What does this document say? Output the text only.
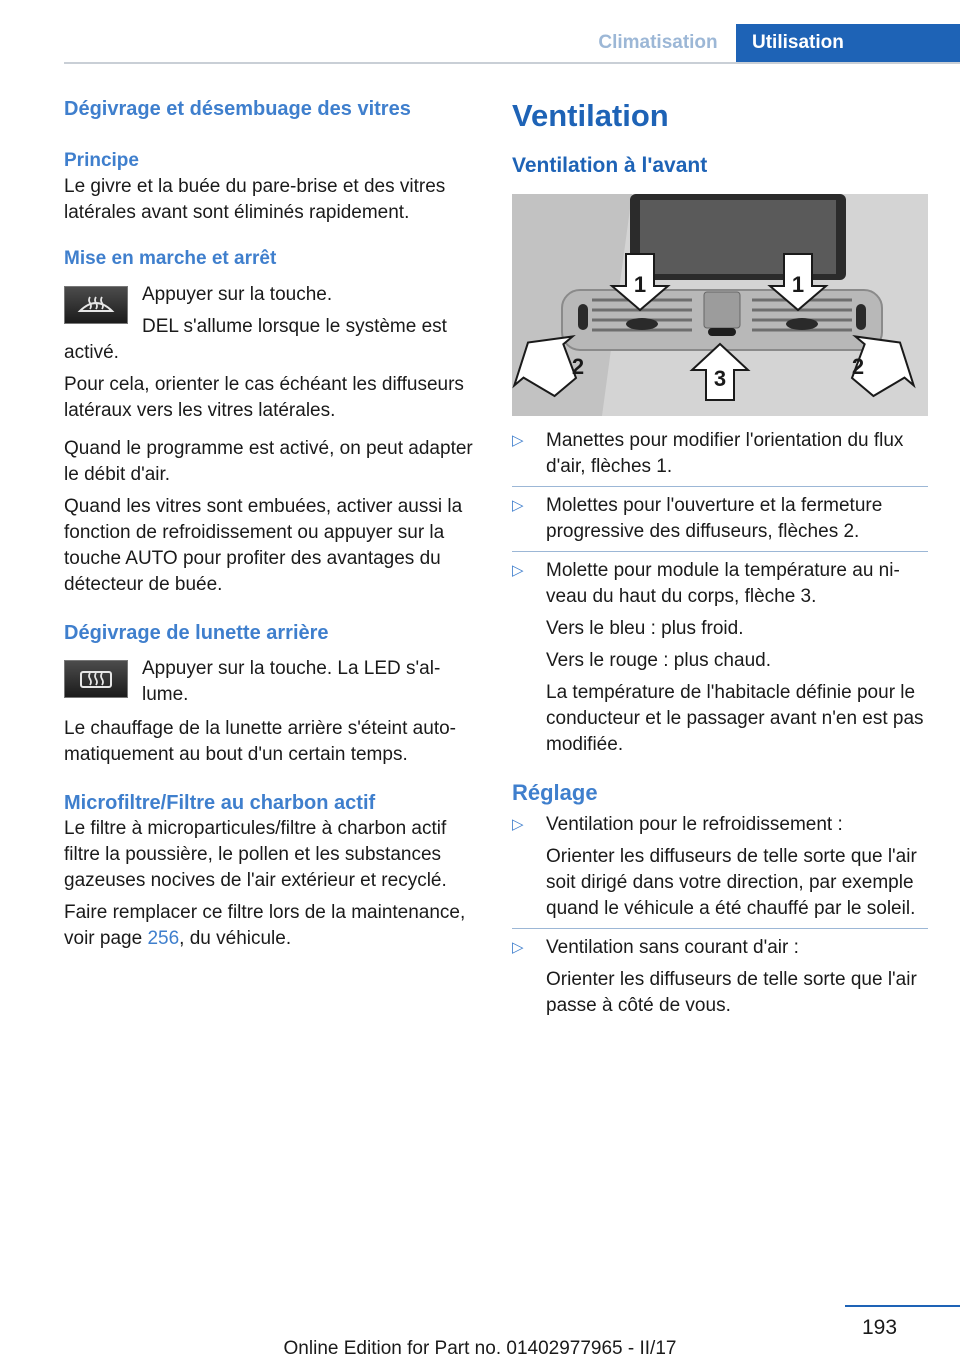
Climatisation	Utilisation
Dégivrage et désembuage des vitres
Principe

Le givre et la buée du pare-brise et des vitres latérales avant sont éliminés rapidement.

Mise en marche et arrêt

Appuyer sur la touche.

DEL s'allume lorsque le système est activé.

Pour cela, orienter le cas échéant les diffuseurs latéraux vers les vitres latérales.

Quand le programme est activé, on peut adapter le débit d'air.

Quand les vitres sont embuées, activer aussi la fonction de refroidissement ou appuyer sur la touche AUTO pour profiter des avantages du détecteur de buée.

Dégivrage de lunette arrière

Appuyer sur la touche. La LED s'allume.

Le chauffage de la lunette arrière s'éteint automatiquement au bout d'un certain temps.

Microfiltre/Filtre au charbon actif

Le filtre à microparticules/filtre à charbon actif filtre la poussière, le pollen et les substances gazeuses nocives de l'air extérieur et recyclé.

Faire remplacer ce filtre lors de la maintenance, voir page 256, du véhicule.

Ventilation
Ventilation à l'avant
1	1
2	3	2
▷ Manettes pour modifier l'orientation du flux d'air, flèches 1.
▷ Molettes pour l'ouverture et la fermeture progressive des diffuseurs, flèches 2.
▷ Molette pour module la température au niveau du haut du corps, flèche 3.
Vers le bleu : plus froid.
Vers le rouge : plus chaud.
La température de l'habitacle définie pour le conducteur et le passager avant n'en est pas modifiée.
Réglage
▷ Ventilation pour le refroidissement :
Orienter les diffuseurs de telle sorte que l'air soit dirigé dans votre direction, par exemple quand le véhicule a été chauffé par le soleil.
▷ Ventilation sans courant d'air :
Orienter les diffuseurs de telle sorte que l'air passe à côté de vous.
193
Online Edition for Part no. 01402977965 - II/17
